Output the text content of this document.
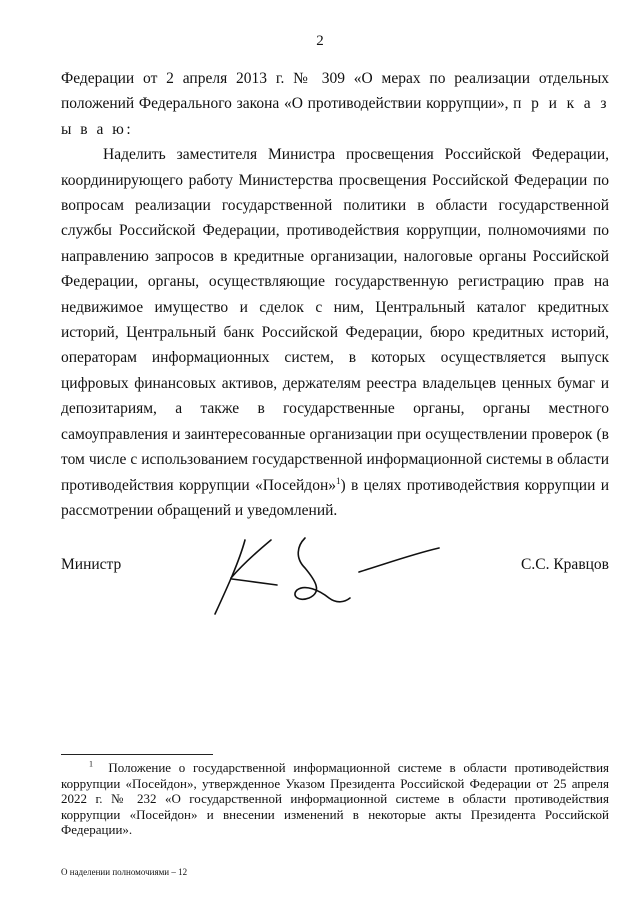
2

Федерации от 2 апреля 2013 г. № 309 «О мерах по реализации отдельных положений Федерального закона «О противодействии коррупции», п р и к а з ы в а ю:

Наделить заместителя Министра просвещения Российской Федерации, координирующего работу Министерства просвещения Российской Федерации по вопросам реализации государственной политики в области государственной службы Российской Федерации, противодействия коррупции, полномочиями по направлению запросов в кредитные организации, налоговые органы Российской Федерации, органы, осуществляющие государственную регистрацию прав на недвижимое имущество и сделок с ним, Центральный каталог кредитных историй, Центральный банк Российской Федерации, бюро кредитных историй, операторам информационных систем, в которых осуществляется выпуск цифровых финансовых активов, держателям реестра владельцев ценных бумаг и депозитариям, а также в государственные органы, органы местного самоуправления и заинтересованные организации при осуществлении проверок (в том числе с использованием государственной информационной системы в области противодействия коррупции «Посейдон»$^1$) в целях противодействия коррупции и рассмотрении обращений и уведомлений.

Министр	С.С. Кравцов

$^1$ Положение о государственной информационной системе в области противодействия коррупции «Посейдон», утвержденное Указом Президента Российской Федерации от 25 апреля 2022 г. № 232 «О государственной информационной системе в области противодействия коррупции «Посейдон» и внесении изменений в некоторые акты Президента Российской Федерации».

О наделении полномочиями – 12
